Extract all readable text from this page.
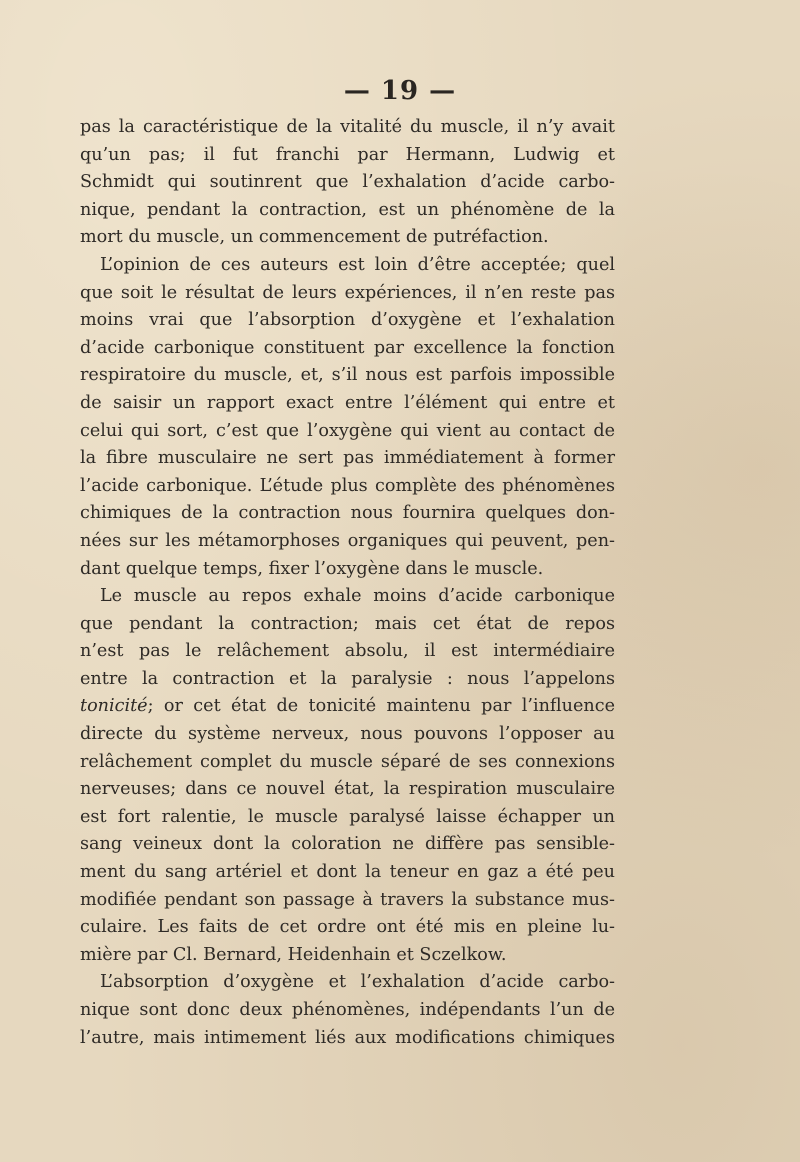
— 19 —

pas la caractéristique de la vitalité du muscle, il n’y avait
qu’un pas; il fut franchi par Hermann, Ludwig et
Schmidt qui soutinrent que l’exhalation d’acide carbo-
nique, pendant la contraction, est un phénomène de la
mort du muscle, un commencement de putréfaction.
L’opinion de ces auteurs est loin d’être acceptée; quel
que soit le résultat de leurs expériences, il n’en reste pas
moins vrai que l’absorption d’oxygène et l’exhalation
d’acide carbonique constituent par excellence la fonction
respiratoire du muscle, et, s’il nous est parfois impossible
de saisir un rapport exact entre l’élément qui entre et
celui qui sort, c’est que l’oxygène qui vient au contact de
la fibre musculaire ne sert pas immédiatement à former
l’acide carbonique. L’étude plus complète des phénomènes
chimiques de la contraction nous fournira quelques don-
nées sur les métamorphoses organiques qui peuvent, pen-
dant quelque temps, fixer l’oxygène dans le muscle.
Le muscle au repos exhale moins d’acide carbonique
que pendant la contraction; mais cet état de repos
n’est pas le relâchement absolu, il est intermédiaire
entre la contraction et la paralysie : nous l’appelons
tonicité; or cet état de tonicité maintenu par l’influence
directe du système nerveux, nous pouvons l’opposer au
relâchement complet du muscle séparé de ses connexions
nerveuses; dans ce nouvel état, la respiration musculaire
est fort ralentie, le muscle paralysé laisse échapper un
sang veineux dont la coloration ne diffère pas sensible-
ment du sang artériel et dont la teneur en gaz a été peu
modifiée pendant son passage à travers la substance mus-
culaire. Les faits de cet ordre ont été mis en pleine lu-
mière par Cl. Bernard, Heidenhain et Sczelkow.
L’absorption d’oxygène et l’exhalation d’acide carbo-
nique sont donc deux phénomènes, indépendants l’un de
l’autre, mais intimement liés aux modifications chimiques
